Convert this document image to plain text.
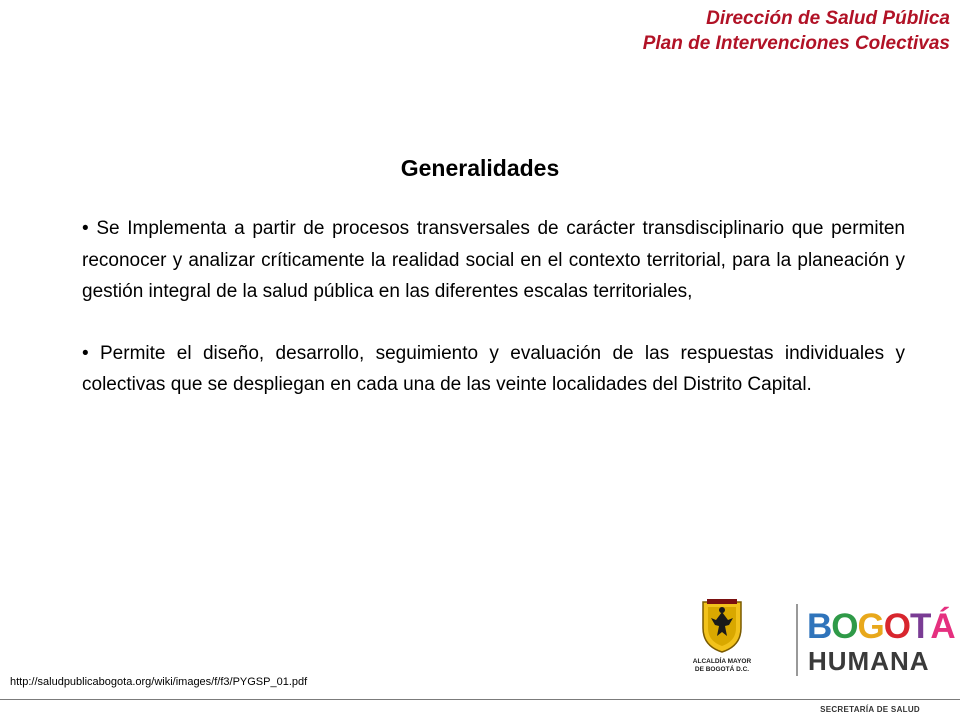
Dirección de Salud Pública
Plan de Intervenciones Colectivas
Generalidades

• Se Implementa a partir de procesos transversales de carácter transdisciplinario que permiten reconocer y analizar críticamente la realidad social en el contexto territorial, para la planeación y gestión integral de la salud pública en las diferentes escalas territoriales,

• Permite el diseño, desarrollo, seguimiento y evaluación de las respuestas individuales y colectivas que se despliegan en cada una de las veinte localidades del Distrito Capital.

http://saludpublicabogota.org/wiki/images/f/f3/PYGSP_01.pdf
ALCALDÍA MAYOR
DE BOGOTÁ D.C.
BOGOTÁ
HUMANA
SECRETARÍA DE SALUD
